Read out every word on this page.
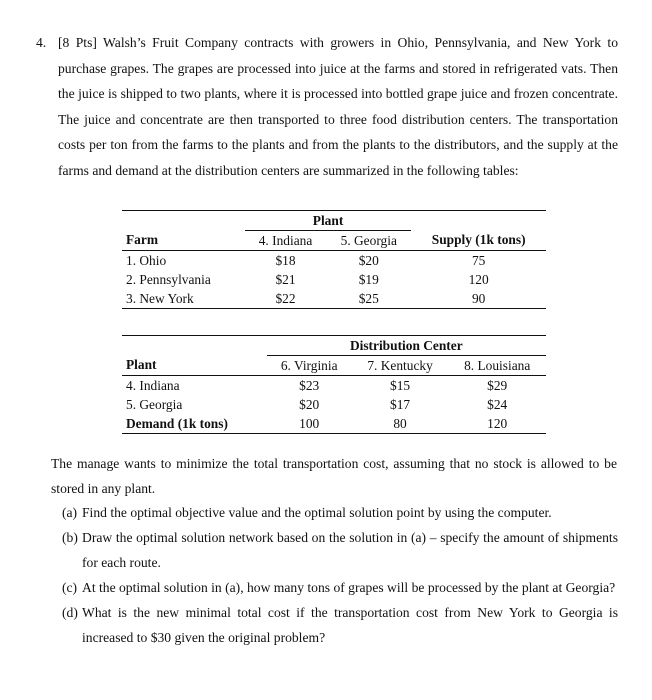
4. [8 Pts] Walsh’s Fruit Company contracts with growers in Ohio, Pennsylvania, and New York to purchase grapes. The grapes are processed into juice at the farms and stored in refrigerated vats. Then the juice is shipped to two plants, where it is processed into bottled grape juice and frozen concentrate. The juice and concentrate are then transported to three food distribution centers. The transportation costs per ton from the farms to the plants and from the plants to the distributors, and the supply at the farms and demand at the distribution centers are summarized in the following tables:
	Plant		
Farm	4. Indiana	5. Georgia	Supply (1k tons)
1. Ohio	$18	$20	75
2. Pennsylvania	$21	$19	120
3. New York	$22	$25	90
	Distribution Center		
Plant	6. Virginia	7. Kentucky	8. Louisiana
4. Indiana	$23	$15	$29
5. Georgia	$20	$17	$24
Demand (1k tons)	100	80	120
The manage wants to minimize the total transportation cost, assuming that no stock is allowed to be stored in any plant.
(a) Find the optimal objective value and the optimal solution point by using the computer.
(b) Draw the optimal solution network based on the solution in (a) – specify the amount of shipments for each route.
(c) At the optimal solution in (a), how many tons of grapes will be processed by the plant at Georgia?
(d) What is the new minimal total cost if the transportation cost from New York to Georgia is increased to $30 given the original problem?
